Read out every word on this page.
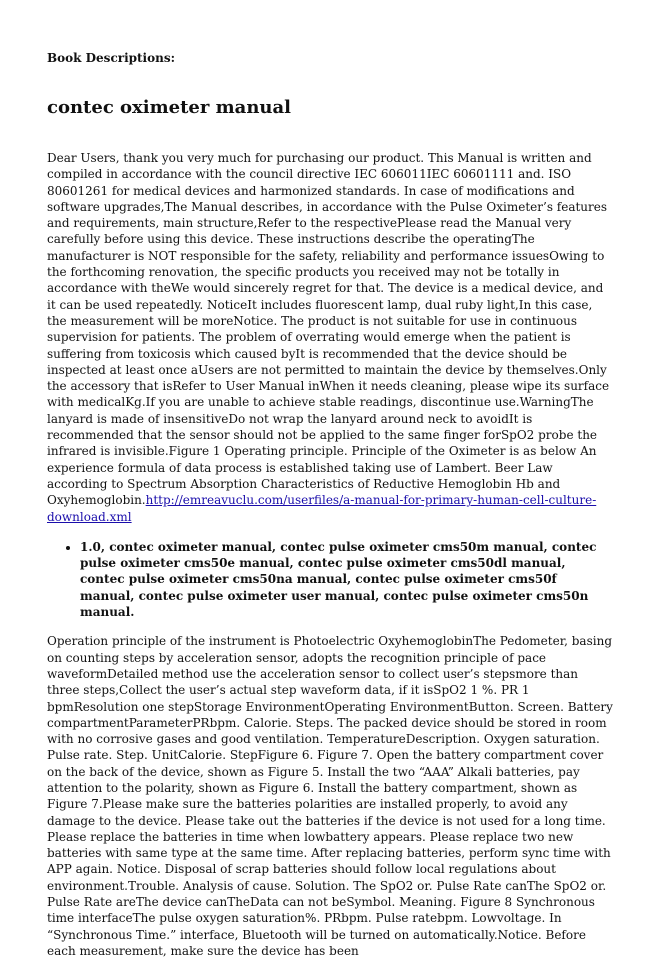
Book Descriptions:

contec oximeter manual

Dear Users, thank you very much for purchasing our product. This Manual is written and compiled in accordance with the council directive IEC 606011IEC 60601111 and. ISO 80601261 for medical devices and harmonized standards. In case of modifications and software upgrades,The Manual describes, in accordance with the Pulse Oximeter’s features and requirements, main structure,Refer to the respectivePlease read the Manual very carefully before using this device. These instructions describe the operatingThe manufacturer is NOT responsible for the safety, reliability and performance issuesOwing to the forthcoming renovation, the specific products you received may not be totally in accordance with theWe would sincerely regret for that. The device is a medical device, and it can be used repeatedly. NoticeIt includes fluorescent lamp, dual ruby light,In this case, the measurement will be moreNotice. The product is not suitable for use in continuous supervision for patients. The problem of overrating would emerge when the patient is suffering from toxicosis which caused byIt is recommended that the device should be inspected at least once aUsers are not permitted to maintain the device by themselves.Only the accessory that isRefer to User Manual inWhen it needs cleaning, please wipe its surface with medicalKg.If you are unable to achieve stable readings, discontinue use.WarningThe lanyard is made of insensitiveDo not wrap the lanyard around neck to avoidIt is recommended that the sensor should not be applied to the same finger forSpO2 probe the infrared is invisible.Figure 1 Operating principle. Principle of the Oximeter is as below An experience formula of data process is established taking use of Lambert. Beer Law according to Spectrum Absorption Characteristics of Reductive Hemoglobin Hb and Oxyhemoglobin.http://emreavuclu.com/userfiles/a-manual-for-primary-human-cell-culture-download.xml

• 1.0, contec oximeter manual, contec pulse oximeter cms50m manual, contec pulse oximeter cms50e manual, contec pulse oximeter cms50dl manual, contec pulse oximeter cms50na manual, contec pulse oximeter cms50f manual, contec pulse oximeter user manual, contec pulse oximeter cms50n manual.

Operation principle of the instrument is Photoelectric OxyhemoglobinThe Pedometer, basing on counting steps by acceleration sensor, adopts the recognition principle of pace waveformDetailed method use the acceleration sensor to collect user’s stepsmore than three steps,Collect the user’s actual step waveform data, if it isSpO2 1 %. PR 1 bpmResolution one stepStorage EnvironmentOperating EnvironmentButton. Screen. Battery compartmentParameterPRbpm. Calorie. Steps. The packed device should be stored in room with no corrosive gases and good ventilation. TemperatureDescription. Oxygen saturation. Pulse rate. Step. UnitCalorie. StepFigure 6. Figure 7. Open the battery compartment cover on the back of the device, shown as Figure 5. Install the two “AAA” Alkali batteries, pay attention to the polarity, shown as Figure 6. Install the battery compartment, shown as Figure 7.Please make sure the batteries polarities are installed properly, to avoid any damage to the device. Please take out the batteries if the device is not used for a long time. Please replace the batteries in time when lowbattery appears. Please replace two new batteries with same type at the same time. After replacing batteries, perform sync time with APP again. Notice. Disposal of scrap batteries should follow local regulations about environment.Trouble. Analysis of cause. Solution. The SpO2 or. Pulse Rate canThe SpO2 or. Pulse Rate areThe device canTheData can not beSymbol. Meaning. Figure 8 Synchronous time interfaceThe pulse oxygen saturation%. PRbpm. Pulse ratebpm. Lowvoltage. In “Synchronous Time.” interface, Bluetooth will be turned on automatically.Notice. Before each measurement, make sure the device has been
